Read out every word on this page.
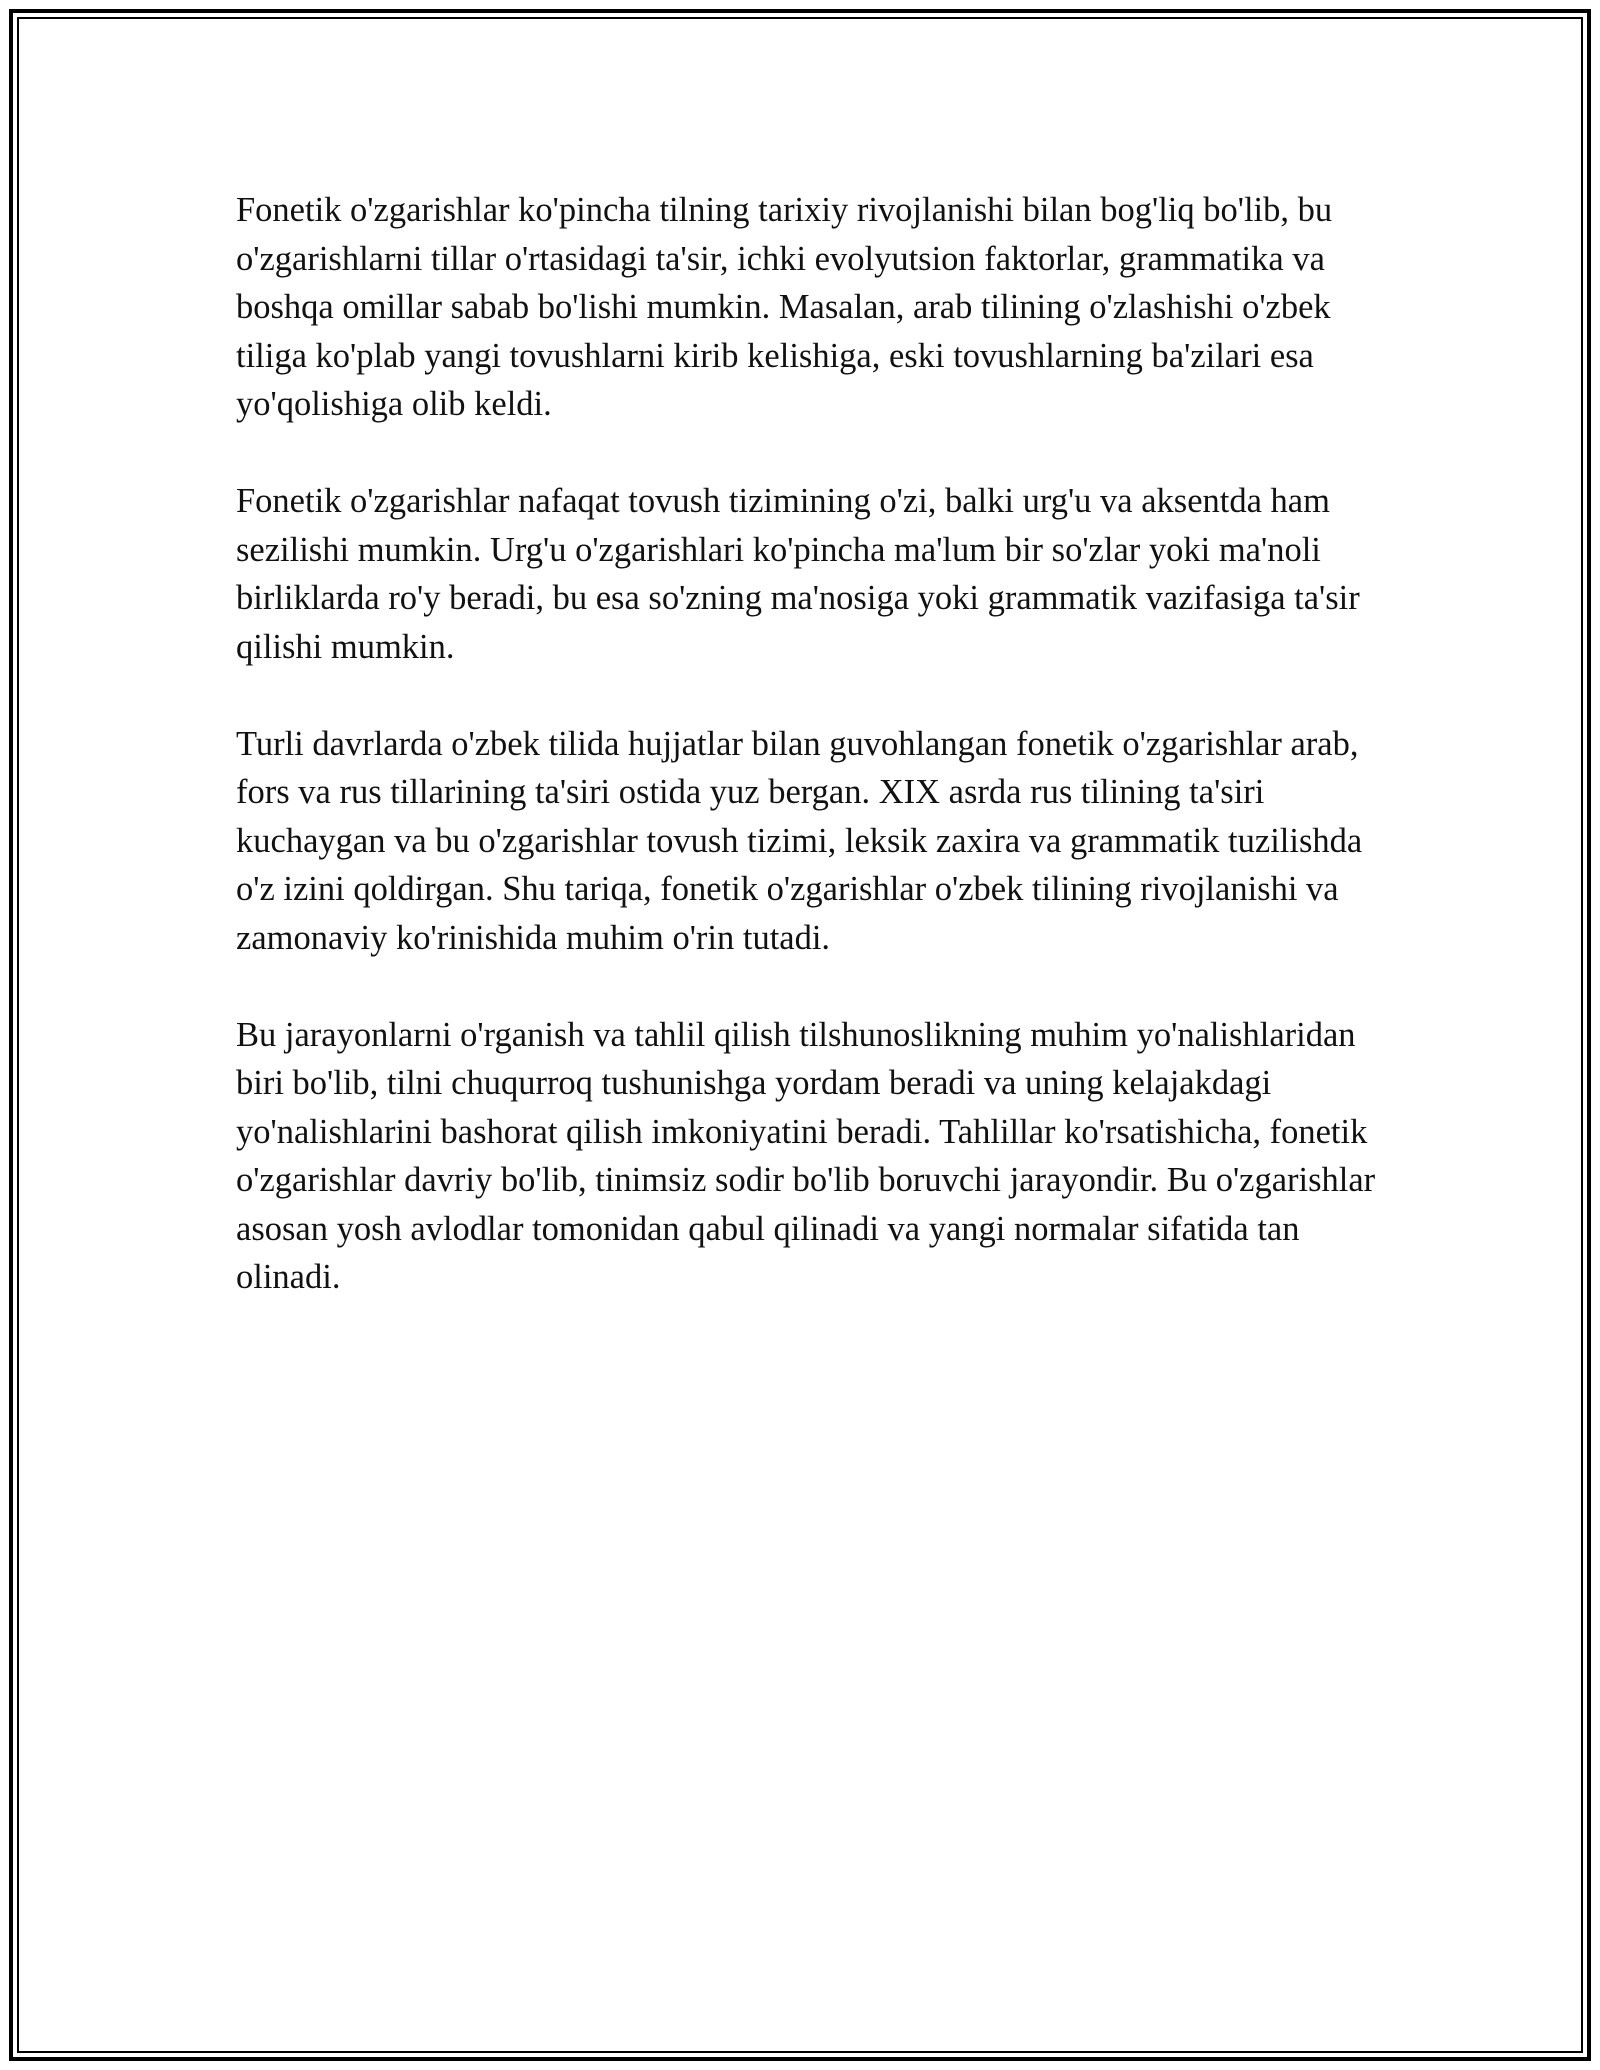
Fonetik o'zgarishlar ko'pincha tilning tarixiy rivojlanishi bilan bog'liq bo'lib, bu o'zgarishlarni tillar o'rtasidagi ta'sir, ichki evolyutsion faktorlar, grammatika va boshqa omillar sabab bo'lishi mumkin. Masalan, arab tilining o'zlashishi o'zbek tiliga ko'plab yangi tovushlarni kirib kelishiga, eski tovushlarning ba'zilari esa yo'qolishiga olib keldi.

Fonetik o'zgarishlar nafaqat tovush tizimining o'zi, balki urg'u va aksentda ham sezilishi mumkin. Urg'u o'zgarishlari ko'pincha ma'lum bir so'zlar yoki ma'noli birliklarda ro'y beradi, bu esa so'zning ma'nosiga yoki grammatik vazifasiga ta'sir qilishi mumkin.

Turli davrlarda o'zbek tilida hujjatlar bilan guvohlangan fonetik o'zgarishlar arab, fors va rus tillarining ta'siri ostida yuz bergan. XIX asrda rus tilining ta'siri kuchaygan va bu o'zgarishlar tovush tizimi, leksik zaxira va grammatik tuzilishda o'z izini qoldirgan. Shu tariqa, fonetik o'zgarishlar o'zbek tilining rivojlanishi va zamonaviy ko'rinishida muhim o'rin tutadi.

Bu jarayonlarni o'rganish va tahlil qilish tilshunoslikning muhim yo'nalishlaridan biri bo'lib, tilni chuqurroq tushunishga yordam beradi va uning kelajakdagi yo'nalishlarini bashorat qilish imkoniyatini beradi. Tahlillar ko'rsatishicha, fonetik o'zgarishlar davriy bo'lib, tinimsiz sodir bo'lib boruvchi jarayondir. Bu o'zgarishlar asosan yosh avlodlar tomonidan qabul qilinadi va yangi normalar sifatida tan olinadi.
